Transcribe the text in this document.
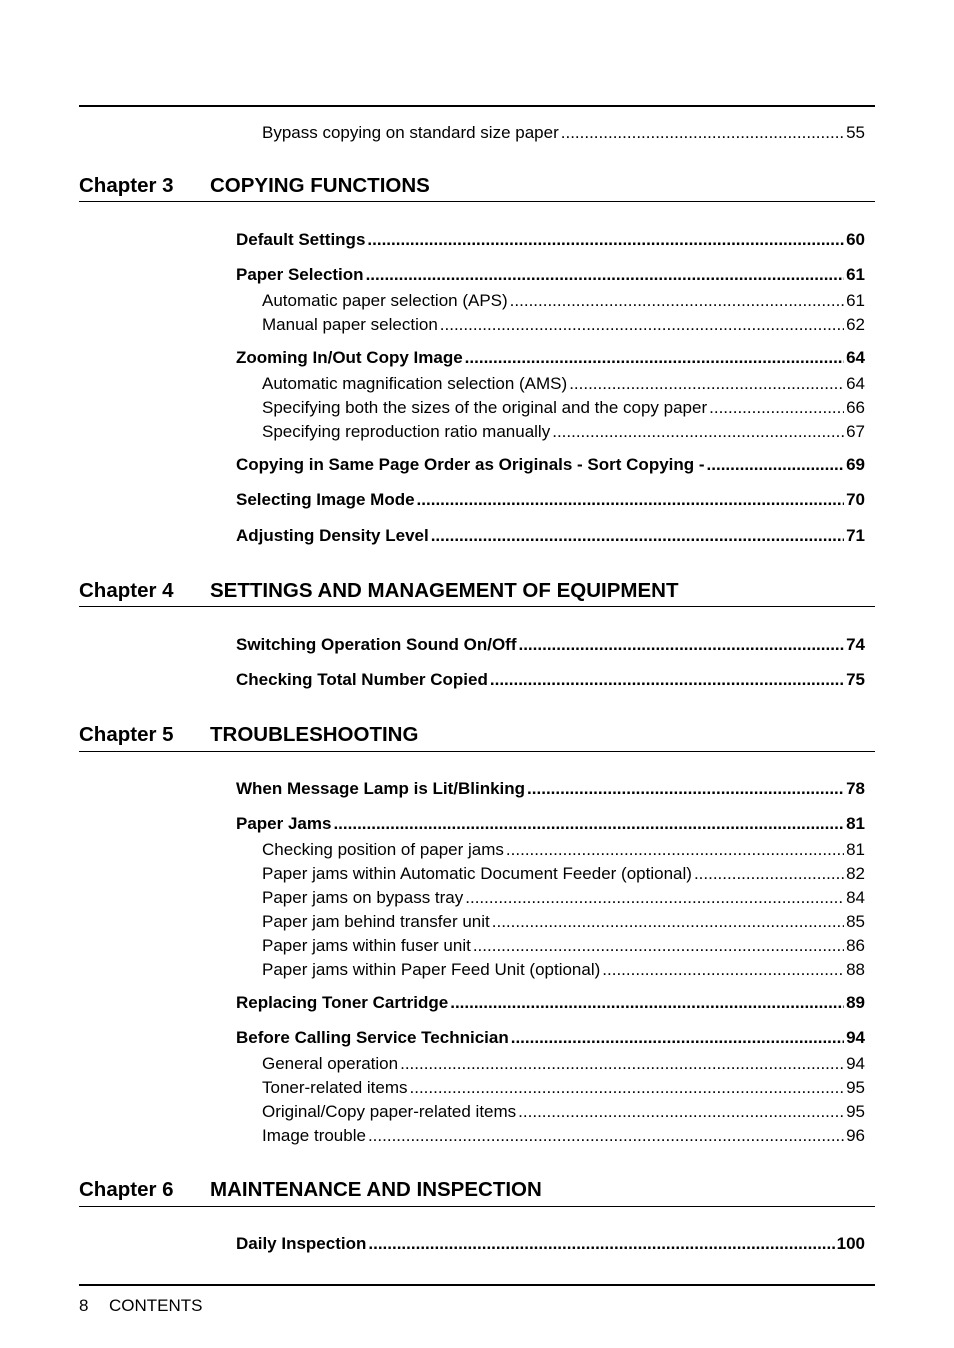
Bypass copying on standard size paper .....	55
Chapter 3	COPYING FUNCTIONS
Default Settings .....	60
Paper Selection .....	61
Automatic paper selection (APS) .....	61
Manual paper selection .....	62
Zooming In/Out Copy Image .....	64
Automatic magnification selection (AMS) .....	64
Specifying both the sizes of the original and the copy paper .....	66
Specifying reproduction ratio manually .....	67
Copying in Same Page Order as Originals - Sort Copying - .....	69
Selecting Image Mode .....	70
Adjusting Density Level .....	71
Chapter 4	SETTINGS AND MANAGEMENT OF EQUIPMENT
Switching Operation Sound On/Off .....	74
Checking Total Number Copied .....	75
Chapter 5	TROUBLESHOOTING
When Message Lamp is Lit/Blinking .....	78
Paper Jams .....	81
Checking position of paper jams .....	81
Paper jams within Automatic Document Feeder (optional) .....	82
Paper jams on bypass tray .....	84
Paper jam behind transfer unit .....	85
Paper jams within fuser unit .....	86
Paper jams within Paper Feed Unit (optional) .....	88
Replacing Toner Cartridge .....	89
Before Calling Service Technician .....	94
General operation .....	94
Toner-related items .....	95
Original/Copy paper-related items .....	95
Image trouble .....	96
Chapter 6	MAINTENANCE AND INSPECTION
Daily Inspection .....	100
8 CONTENTS
